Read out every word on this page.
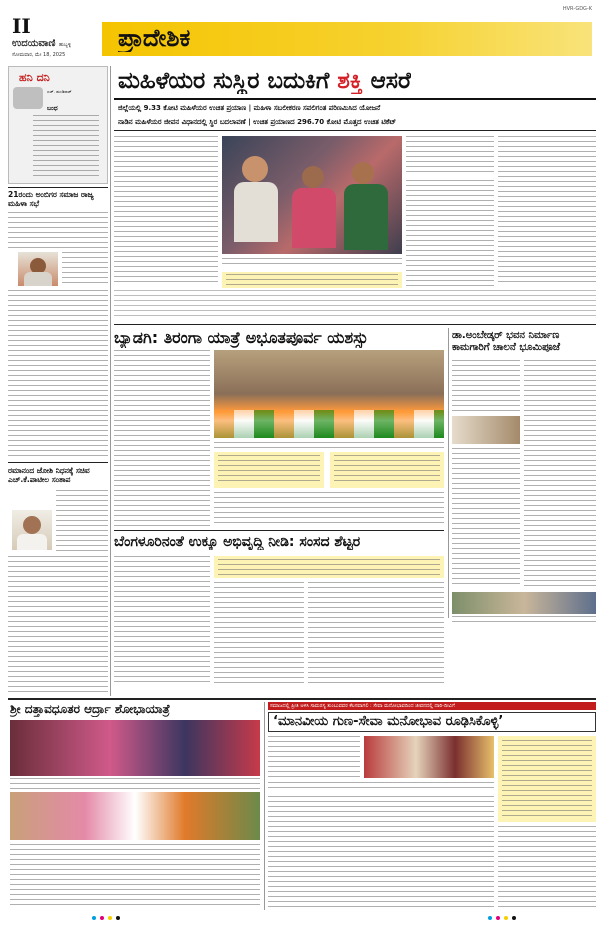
II
ಉದಯವಾಣಿ ಹುಬ್ಬಳ್ಳಿ
ಸೋಮವಾರ, ಮೇ 18, 2025
HVR-GDG-K
ಪ್ರಾದೇಶಿಕ
ಹನಿ ದನಿ
ಎಚ್. ಡುಂಡಿರಾಜ್
ಬಂಧ
21ರಂದು ಅಂಬಿಗರ ಸಮಾಜ ರಾಜ್ಯ ಮಹಿಳಾ ಸಭೆ
ರಮಾನಂದ ಜೋಶಿ ನಿಧನಕ್ಕೆ ಸಚಿವ ಎಚ್.ಕೆ.ಪಾಟೀಲ ಸಂತಾಪ
ಮಹಿಳೆಯರ ಸುಸ್ಥಿರ ಬದುಕಿಗೆ ಶಕ್ತಿ ಆಸರೆ
ಜಿಲ್ಲೆಯಲ್ಲಿ 9.33 ಕೋಟಿ ಮಹಿಳೆಯರ ಉಚಿತ ಪ್ರಯಾಣ | ಮಹಿಳಾ ಸಬಲೀಕರಣ ಸವಲಿಗಂತ ಪರಿಣಮಿಸಿದ ಯೋಜನೆ
ನಾಡಿನ ಮಹಿಳೆಯರ ಜೀವನ ವಿಧಾನದಲ್ಲಿ ಸ್ಥಿರ ಬದಲಾವಣೆ | ಉಚಿತ ಪ್ರಯಾಣದ 296.70 ಕೋಟಿ ಮೊತ್ತದ ಉಚಿತ ಟಿಕೆಟ್
ಬ್ಯಾಡಗಿ: ತಿರಂಗಾ ಯಾತ್ರೆ ಅಭೂತಪೂರ್ವ ಯಶಸ್ಸು	ಡಾ.ಅಂಬೇಡ್ಕರ್ ಭವನ ನಿರ್ಮಾಣ ಕಾಮಗಾರಿಗೆ ಚಾಲನೆ ಭೂಮಿಪೂಜೆ
ಬೆಂಗಳೂರಿನಂತೆ ಉಕ್ಕೂ ಅಭಿವೃದ್ಧಿ ನೀಡಿ: ಸಂಸದ ಶೆಟ್ಟರ
ಶ್ರೀ ದತ್ತಾವಧೂತರ ಆರ್ದ್ರಾ ಶೋಭಾಯಾತ್ರೆ	ಸಮಾಜದಲ್ಲಿ ಪ್ರೀತಿ ಅಳಿಸಿ ಸಾಮರಸ್ಯ ತುಂಬುವವರ ಕೆಲಸವಾಗಲಿ : ಸೇವಾ ಮನೋಭಾವದಿಂದ ಜೀವನದಲ್ಲಿ ದಾರಿ-ದೀವಿಗೆ
‘ಮಾನವೀಯ ಗುಣ-ಸೇವಾ ಮನೋಭಾವ ರೂಢಿಸಿಕೊಳ್ಳಿ’
